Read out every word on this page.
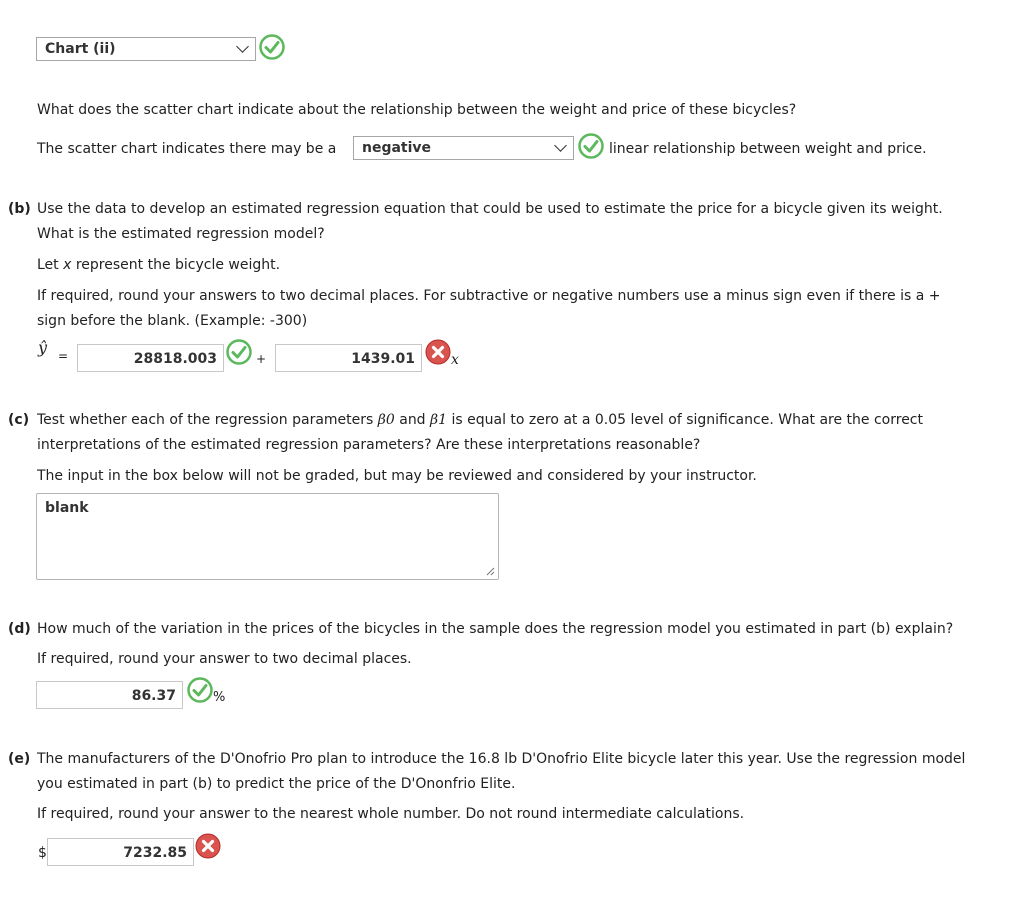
Chart (ii)
What does the scatter chart indicate about the relationship between the weight and price of these bicycles?
The scatter chart indicates there may be a	negative	linear relationship between weight and price.
(b) Use the data to develop an estimated regression equation that could be used to estimate the price for a bicycle given its weight.
What is the estimated regression model?
Let x represent the bicycle weight.
If required, round your answers to two decimal places. For subtractive or negative numbers use a minus sign even if there is a +
sign before the blank. (Example: -300)
ŷ =	28818.003	+	1439.01	x
(c) Test whether each of the regression parameters β0 and β1 is equal to zero at a 0.05 level of significance. What are the correct
interpretations of the estimated regression parameters? Are these interpretations reasonable?
The input in the box below will not be graded, but may be reviewed and considered by your instructor.
blank
(d) How much of the variation in the prices of the bicycles in the sample does the regression model you estimated in part (b) explain?
If required, round your answer to two decimal places.
86.37	%
(e) The manufacturers of the D'Onofrio Pro plan to introduce the 16.8 lb D'Onofrio Elite bicycle later this year. Use the regression model
you estimated in part (b) to predict the price of the D'Ononfrio Elite.
If required, round your answer to the nearest whole number. Do not round intermediate calculations.
$	7232.85
